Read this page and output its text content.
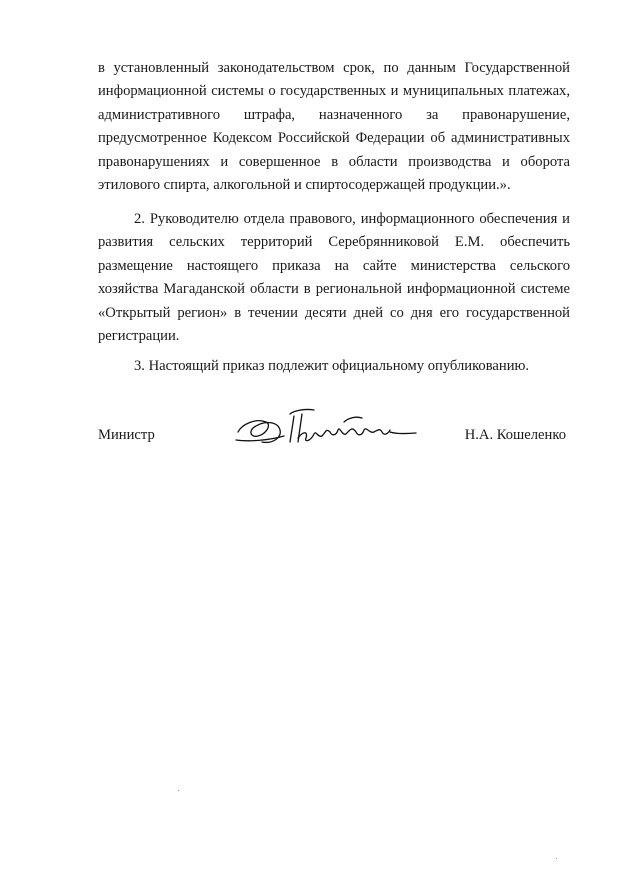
в установленный законодательством срок, по данным Государственной информационной системы о государственных и муниципальных платежах, административного штрафа, назначенного за правонарушение, предусмотренное Кодексом Российской Федерации об административных правонарушениях и совершенное в области производства и оборота этилового спирта, алкогольной и спиртосодержащей продукции.».

2. Руководителю отдела правового, информационного обеспечения и развития сельских территорий Серебрянниковой Е.М. обеспечить размещение настоящего приказа на сайте министерства сельского хозяйства Магаданской области в региональной информационной системе «Открытый регион» в течении десяти дней со дня его государственной регистрации.

3. Настоящий приказ подлежит официальному опубликованию.

Министр	Н.А. Кошеленко
